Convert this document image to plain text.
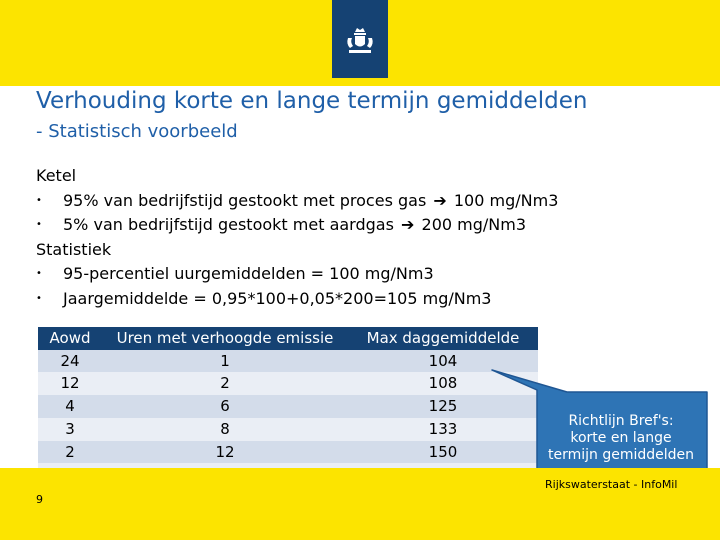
Verhouding korte en lange termijn gemiddelden
- Statistisch voorbeeld
Ketel
• 95% van bedrijfstijd gestookt met proces gas ➔ 100 mg/Nm3
• 5% van bedrijfstijd gestookt met aardgas ➔ 200 mg/Nm3
Statistiek
• 95-percentiel uurgemiddelden = 100 mg/Nm3
• Jaargemiddelde = 0,95*100+0,05*200=105 mg/Nm3
Aowd	Uren met verhoogde emissie	Max daggemiddelde
24	1	104
12	2	108
4	6	125
3	8	133
2	12	150

Richtlijn Bref's:
korte en lange
termijn gemiddelden
Rijkswaterstaat - InfoMil
9
